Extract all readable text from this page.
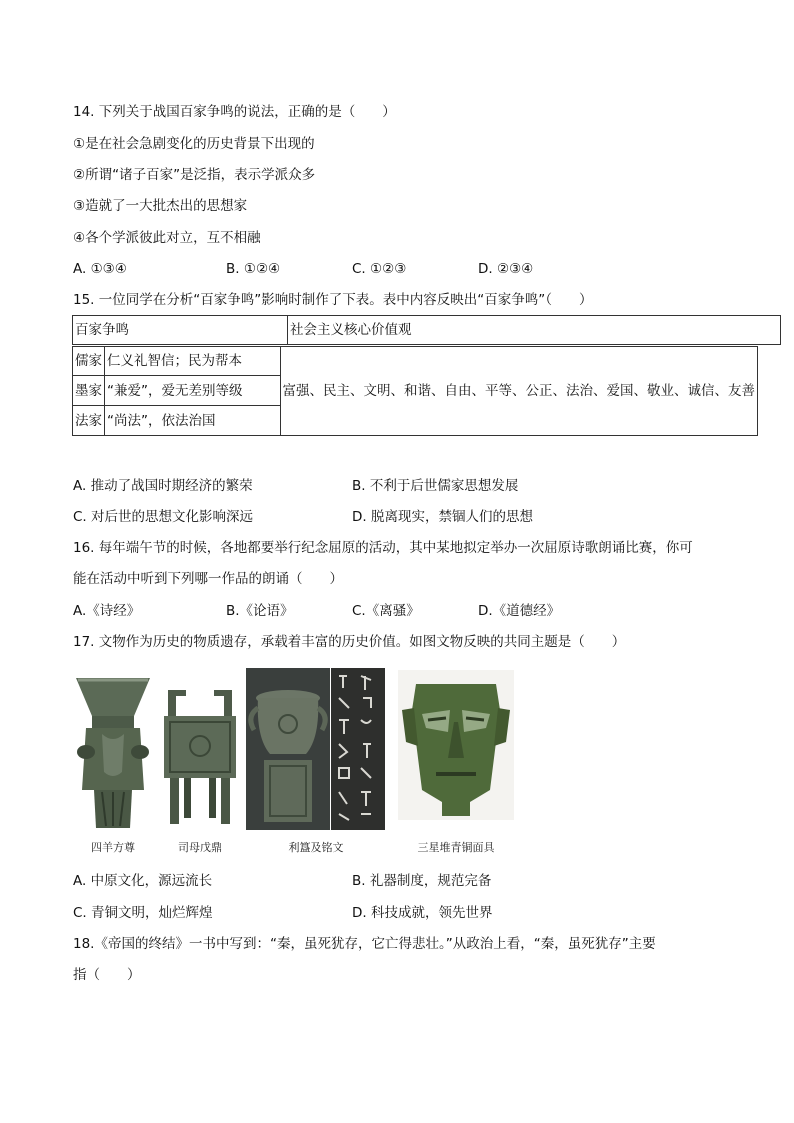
14. 下列关于战国百家争鸣的说法，正确的是（　　）
①是在社会急剧变化的历史背景下出现的
②所谓“诸子百家”是泛指，表示学派众多
③造就了一大批杰出的思想家
④各个学派彼此对立，互不相融
A. ①③④	B. ①②④	C. ①②③	D. ②③④
15. 一位同学在分析“百家争鸣”影响时制作了下表。表中内容反映出“百家争鸣”（　　）
百家争鸣	社会主义核心价值观
儒家	仁义礼智信；民为帮本	富强、民主、文明、和谐、自由、平等、公正、法治、爱国、敬业、诚信、友善
墨家	“兼爱”，爱无差别等级	
法家	“尚法”，依法治国	
A. 推动了战国时期经济的繁荣	B. 不利于后世儒家思想发展
C. 对后世的思想文化影响深远	D. 脱离现实，禁锢人们的思想
16. 每年端午节的时候，各地都要举行纪念屈原的活动，其中某地拟定举办一次屈原诗歌朗诵比赛，你可
能在活动中听到下列哪一作品的朗诵（　　）
A.《诗经》	B.《论语》	C.《离骚》	D.《道德经》
17. 文物作为历史的物质遗存，承载着丰富的历史价值。如图文物反映的共同主题是（　　）
四羊方尊	司母戊鼎	利簋及铭文	三星堆青铜面具
A. 中原文化，源远流长	B. 礼器制度，规范完备
C. 青铜文明，灿烂辉煌	D. 科技成就，领先世界
18.《帝国的终结》一书中写到：“秦，虽死犹存，它亡得悲壮。”从政治上看，“秦，虽死犹存”主要
指（　　）
